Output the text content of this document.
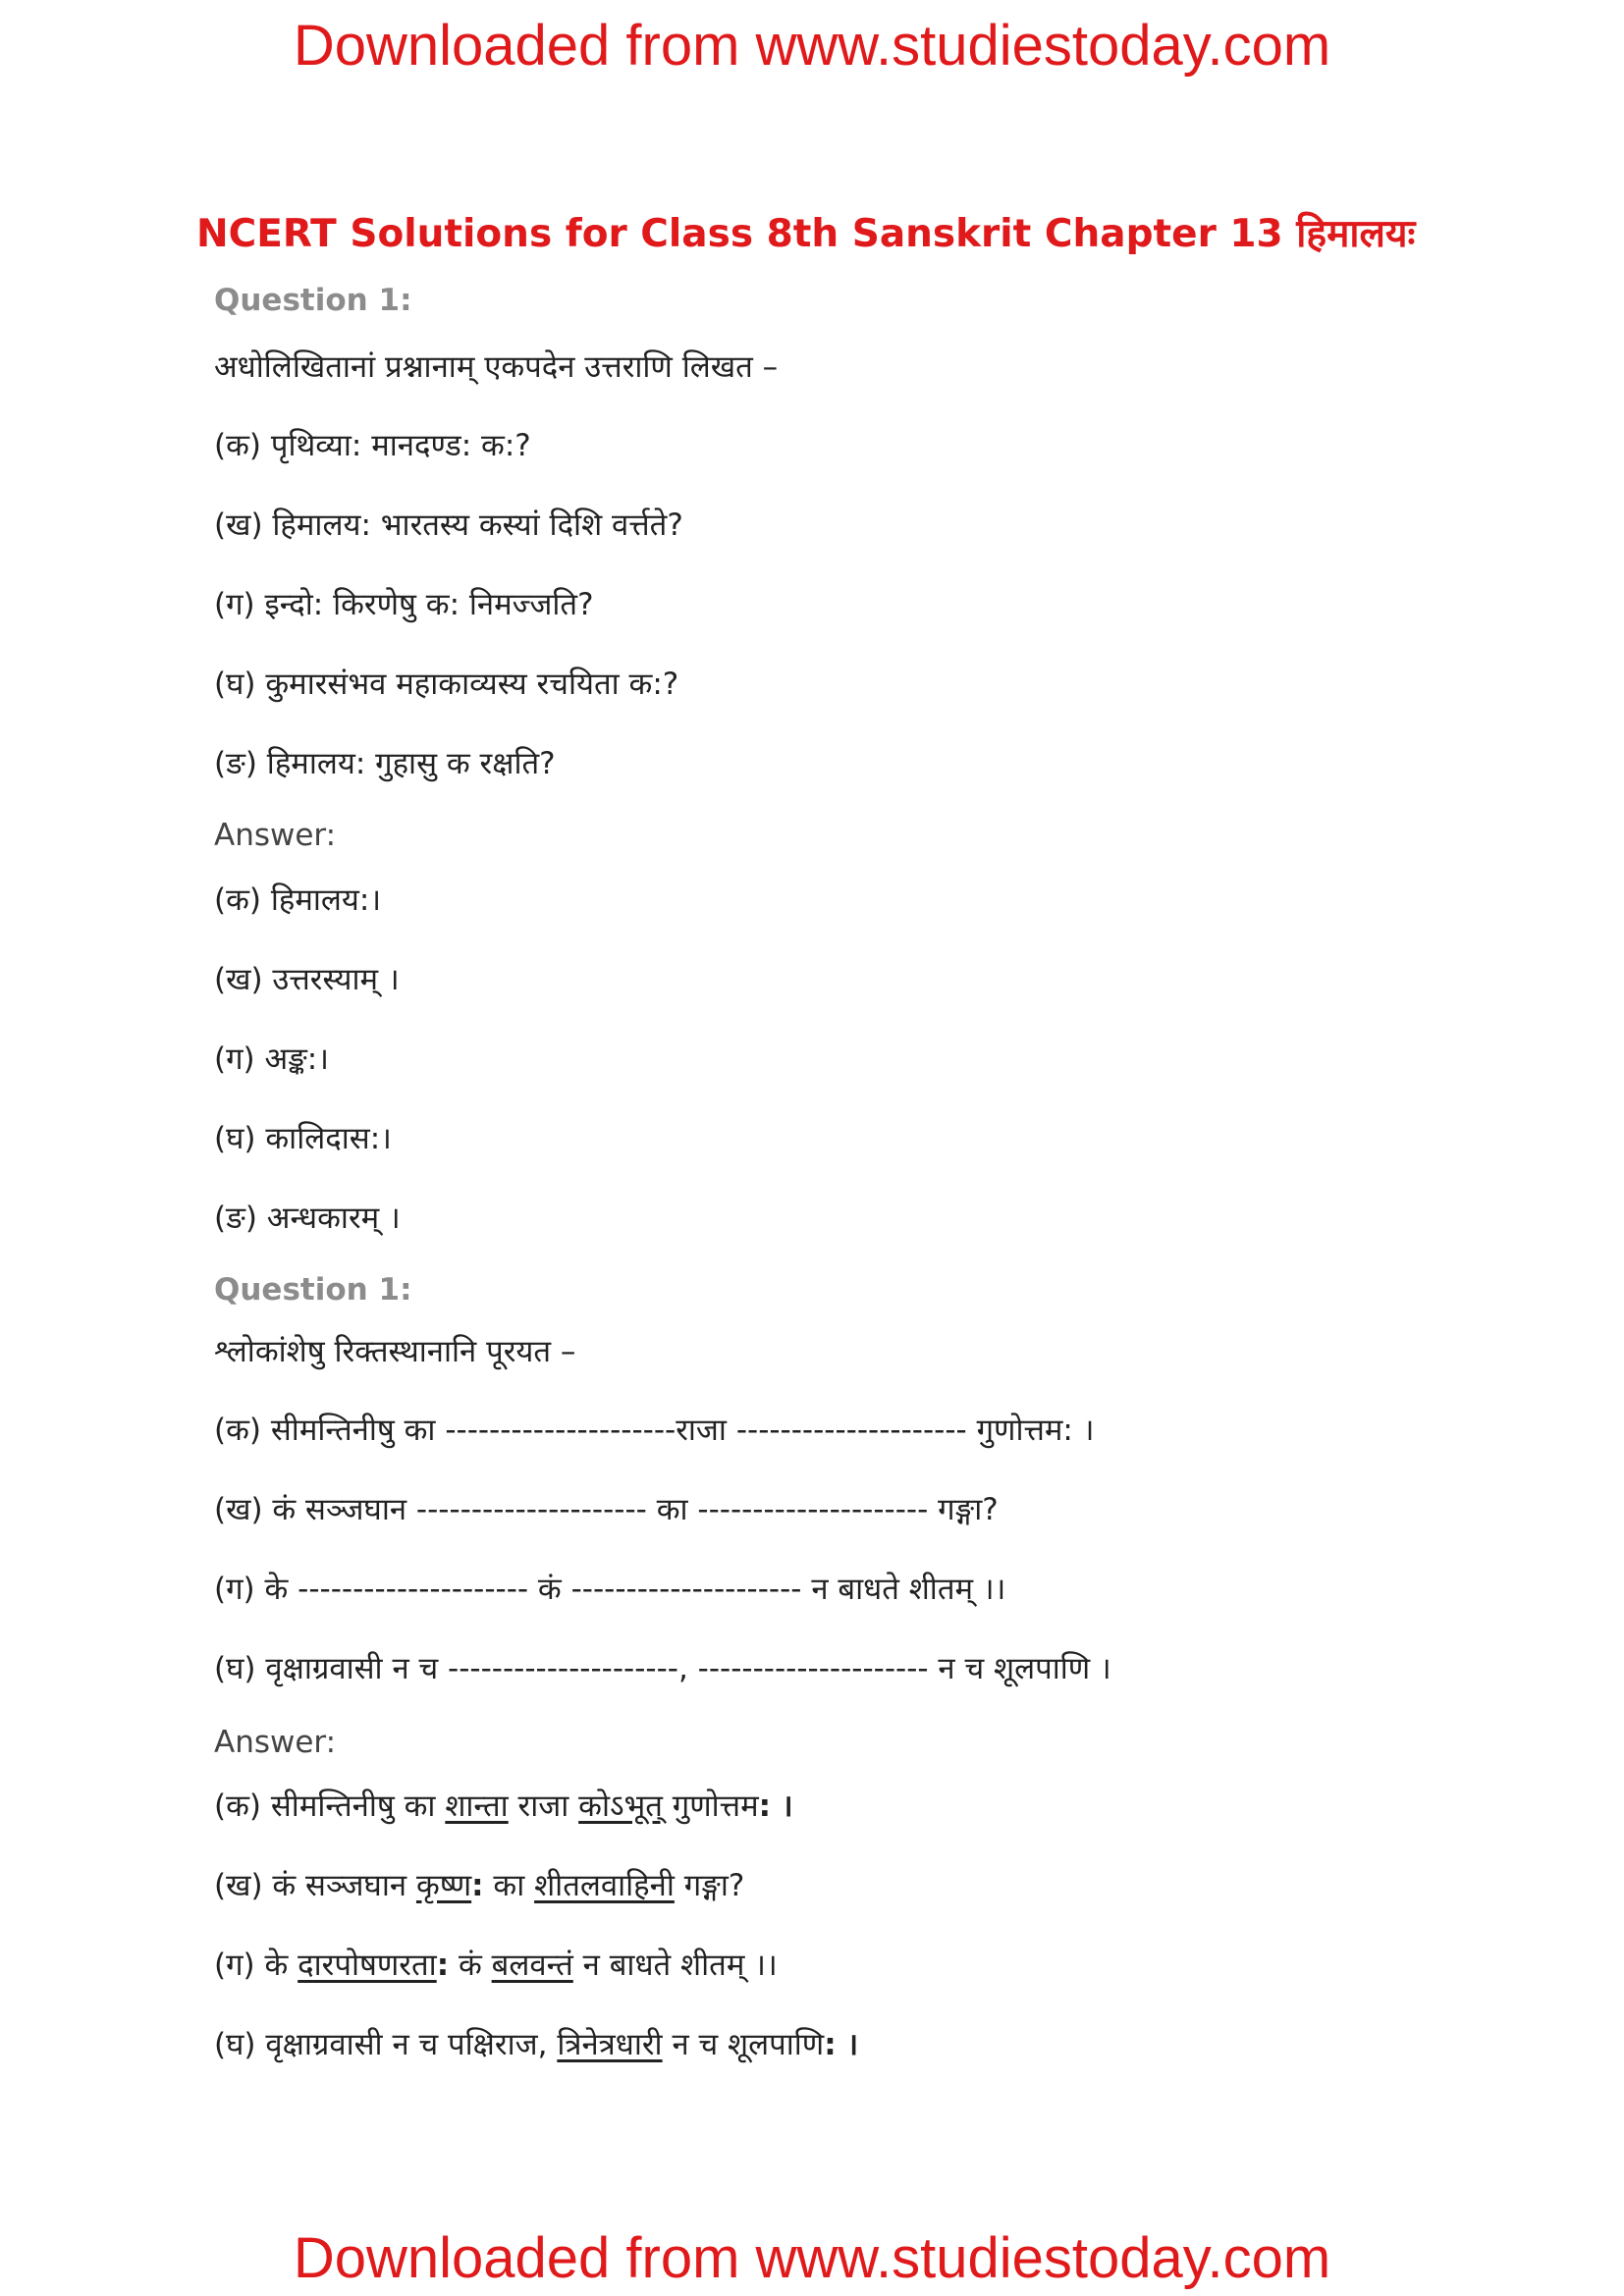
Downloaded from www.studiestoday.com
NCERT Solutions for Class 8th Sanskrit Chapter 13 हिमालयः
Question 1:
अधोलिखितानां प्रश्नानाम् एकपदेन उत्तराणि लिखत –
(क) पृथिव्या: मानदण्ड: क:?
(ख) हिमालय: भारतस्य कस्यां दिशि वर्त्तते?
(ग) इन्दो: किरणेषु क: निमज्जति?
(घ) कुमारसंभव महाकाव्यस्य रचयिता क:?
(ङ) हिमालय: गुहासु क रक्षति?
Answer:
(क) हिमालय:।
(ख) उत्तरस्याम् ।
(ग) अङ्क:।
(घ) कालिदास:।
(ङ) अन्धकारम् ।
Question 1:
श्लोकांशेषु रिक्तस्थानानि पूरयत –
(क) सीमन्तिनीषु का ---------------------राजा --------------------- गुणोत्तम: ।
(ख) कं सञ्जघान --------------------- का --------------------- गङ्गा?
(ग) के --------------------- कं --------------------- न बाधते शीतम् ।।
(घ) वृक्षाग्रवासी न च ---------------------, --------------------- न च शूलपाणि ।
Answer:
(क) सीमन्तिनीषु का शान्ता राजा कोऽभूत् गुणोत्तम: ।
(ख) कं सञ्जघान कृष्ण: का शीतलवाहिनी गङ्गा?
(ग) के दारपोषणरता: कं बलवन्तं न बाधते शीतम् ।।
(घ) वृक्षाग्रवासी न च पक्षिराज, त्रिनेत्रधारी न च शूलपाणि: ।
Downloaded from www.studiestoday.com
